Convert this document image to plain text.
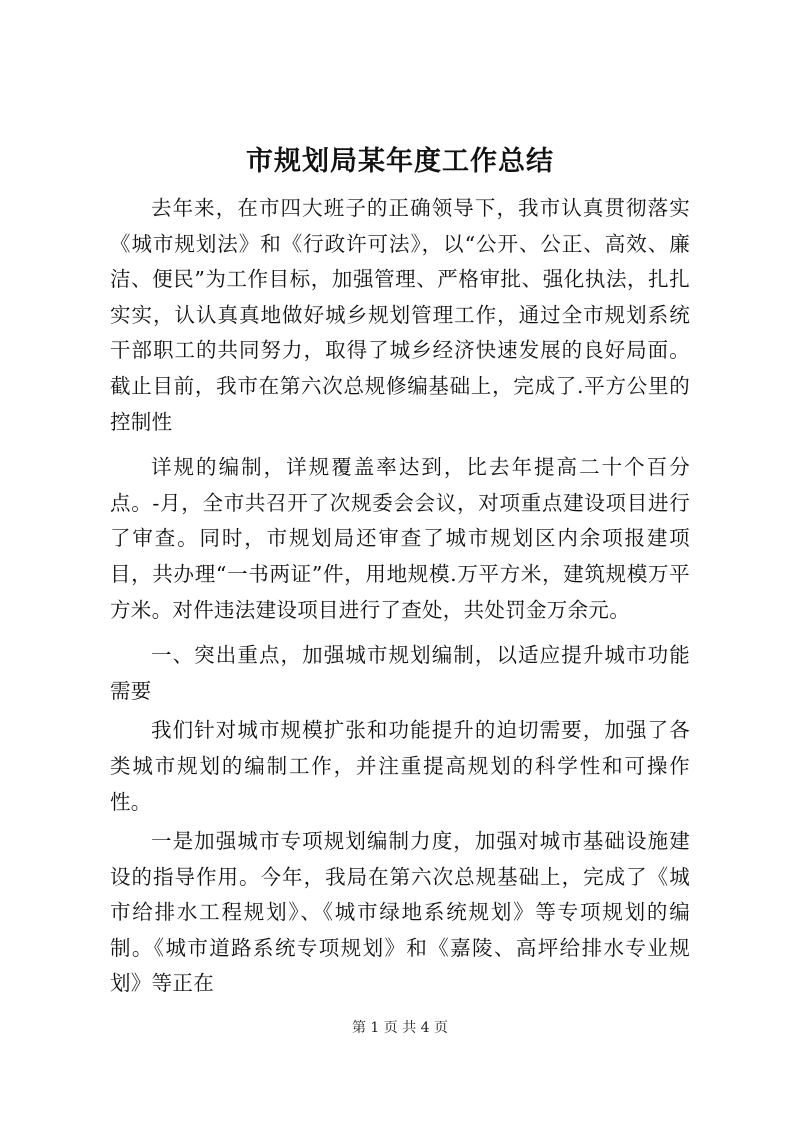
市规划局某年度工作总结

去年来，在市四大班子的正确领导下，我市认真贯彻落实《城市规划法》和《行政许可法》，以“公开、公正、高效、廉洁、便民”为工作目标，加强管理、严格审批、强化执法，扎扎实实，认认真真地做好城乡规划管理工作，通过全市规划系统干部职工的共同努力，取得了城乡经济快速发展的良好局面。截止目前，我市在第六次总规修编基础上，完成了.平方公里的控制性

详规的编制，详规覆盖率达到，比去年提高二十个百分点。-月，全市共召开了次规委会会议，对项重点建设项目进行了审查。同时，市规划局还审查了城市规划区内余项报建项目，共办理“一书两证”件，用地规模.万平方米，建筑规模万平方米。对件违法建设项目进行了查处，共处罚金万余元。

一、突出重点，加强城市规划编制，以适应提升城市功能需要

我们针对城市规模扩张和功能提升的迫切需要，加强了各类城市规划的编制工作，并注重提高规划的科学性和可操作性。

一是加强城市专项规划编制力度，加强对城市基础设施建设的指导作用。今年，我局在第六次总规基础上，完成了《城市给排水工程规划》、《城市绿地系统规划》等专项规划的编制。《城市道路系统专项规划》和《嘉陵、高坪给排水专业规划》等正在

第 1 页 共 4 页
